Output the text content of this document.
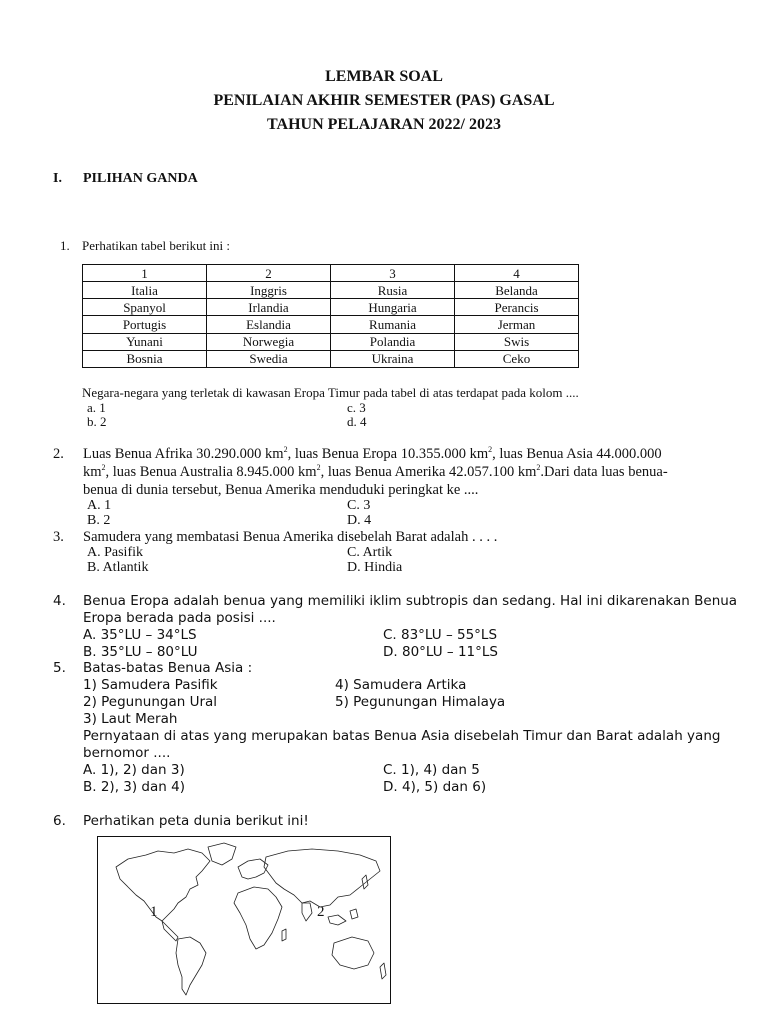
LEMBAR SOAL
PENILAIAN AKHIR SEMESTER (PAS) GASAL
TAHUN PELAJARAN 2022/ 2023
I. PILIHAN GANDA
1. Perhatikan tabel berikut ini :
1	2	3	4
Italia	Inggris	Rusia	Belanda
Spanyol	Irlandia	Hungaria	Perancis
Portugis	Eslandia	Rumania	Jerman
Yunani	Norwegia	Polandia	Swis
Bosnia	Swedia	Ukraina	Ceko
Negara-negara yang terletak di kawasan Eropa Timur pada tabel di atas terdapat pada kolom ....
a. 1
b. 2
c. 3
d. 4
2. Luas Benua Afrika 30.290.000 $km^2$, luas Benua Eropa 10.355.000 $km^2$, luas Benua Asia 44.000.000
$km^2$, luas Benua Australia 8.945.000 $km^2$, luas Benua Amerika 42.057.100 $km^2.Dari$ data luas benua-
benua di dunia tersebut, Benua Amerika menduduki peringkat ke ....
A. 1
B. 2
C. 3
D. 4
3. Samudera yang membatasi Benua Amerika disebelah Barat adalah . . . .
A. Pasifik
B. Atlantik
C. Artik
D. Hindia
4. Benua Eropa adalah benua yang memiliki iklim subtropis dan sedang. Hal ini dikarenakan Benua
Eropa berada pada posisi ....
A. 35°LU – 34°LS
B. 35°LU – 80°LU
C. 83°LU – 55°LS
D. 80°LU – 11°LS
5. Batas-batas Benua Asia :
1) Samudera Pasifik
2) Pegunungan Ural
3) Laut Merah
4) Samudera Artika
5) Pegunungan Himalaya
Pernyataan di atas yang merupakan batas Benua Asia disebelah Timur dan Barat adalah yang
bernomor ....
A. 1), 2) dan 3)
B. 2), 3) dan 4)
C. 1), 4) dan 5
D. 4), 5) dan 6)
6. Perhatikan peta dunia berikut ini!
1	2
